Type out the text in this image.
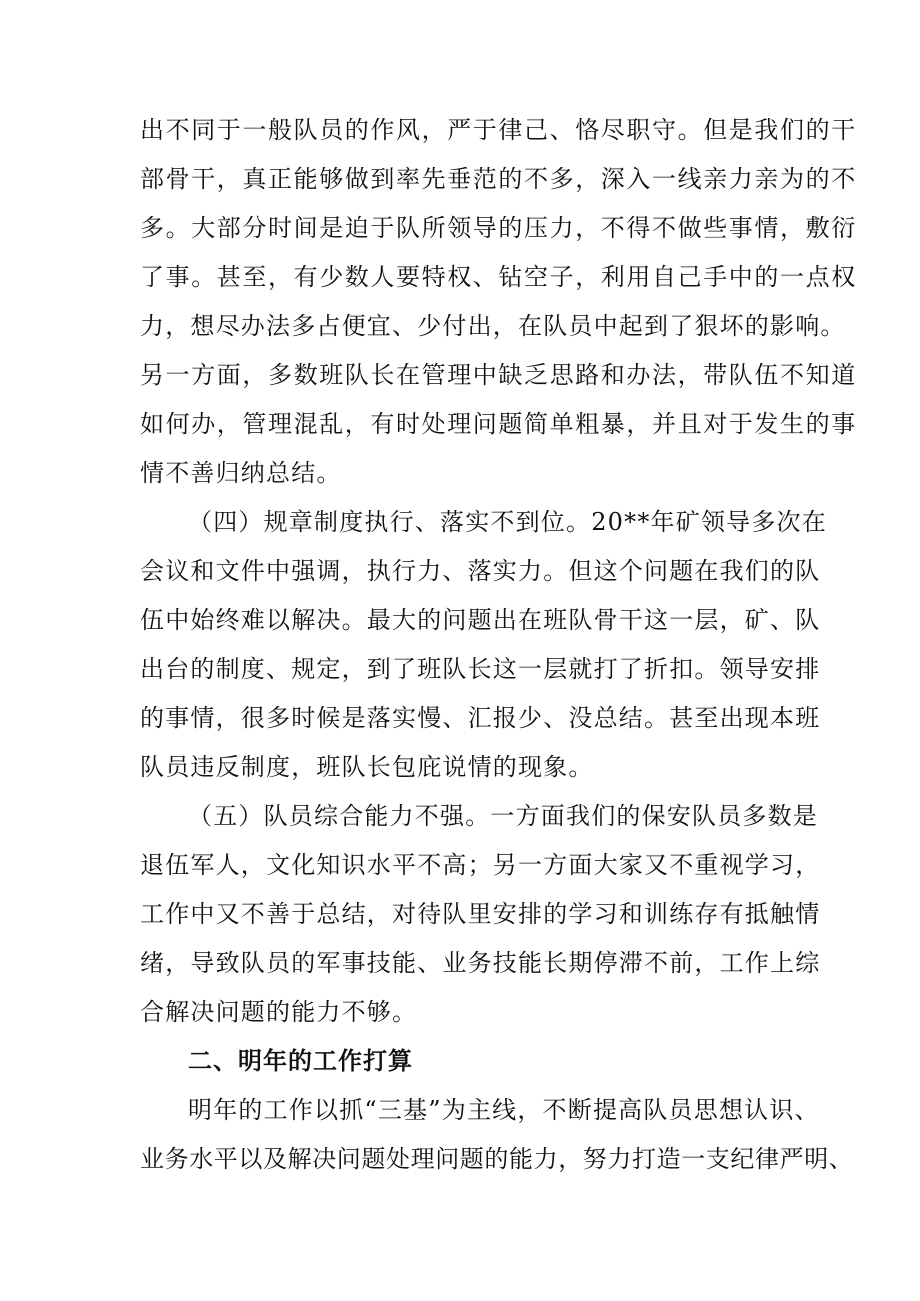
出不同于一般队员的作风，严于律己、恪尽职守。但是我们的干
部骨干，真正能够做到率先垂范的不多，深入一线亲力亲为的不
多。大部分时间是迫于队所领导的压力，不得不做些事情，敷衍
了事。甚至，有少数人要特权、钻空子，利用自己手中的一点权
力，想尽办法多占便宜、少付出，在队员中起到了狠坏的影响。
另一方面，多数班队长在管理中缺乏思路和办法，带队伍不知道
如何办，管理混乱，有时处理问题简单粗暴，并且对于发生的事
情不善归纳总结。
（四）规章制度执行、落实不到位。20**年矿领导多次在
会议和文件中强调，执行力、落实力。但这个问题在我们的队
伍中始终难以解决。最大的问题出在班队骨干这一层，矿、队
出台的制度、规定，到了班队长这一层就打了折扣。领导安排
的事情，很多时候是落实慢、汇报少、没总结。甚至出现本班
队员违反制度，班队长包庇说情的现象。
（五）队员综合能力不强。一方面我们的保安队员多数是
退伍军人，文化知识水平不高；另一方面大家又不重视学习，
工作中又不善于总结，对待队里安排的学习和训练存有抵触情
绪，导致队员的军事技能、业务技能长期停滞不前，工作上综
合解决问题的能力不够。
二、明年的工作打算
明年的工作以抓“三基”为主线，不断提高队员思想认识、
业务水平以及解决问题处理问题的能力，努力打造一支纪律严明、
